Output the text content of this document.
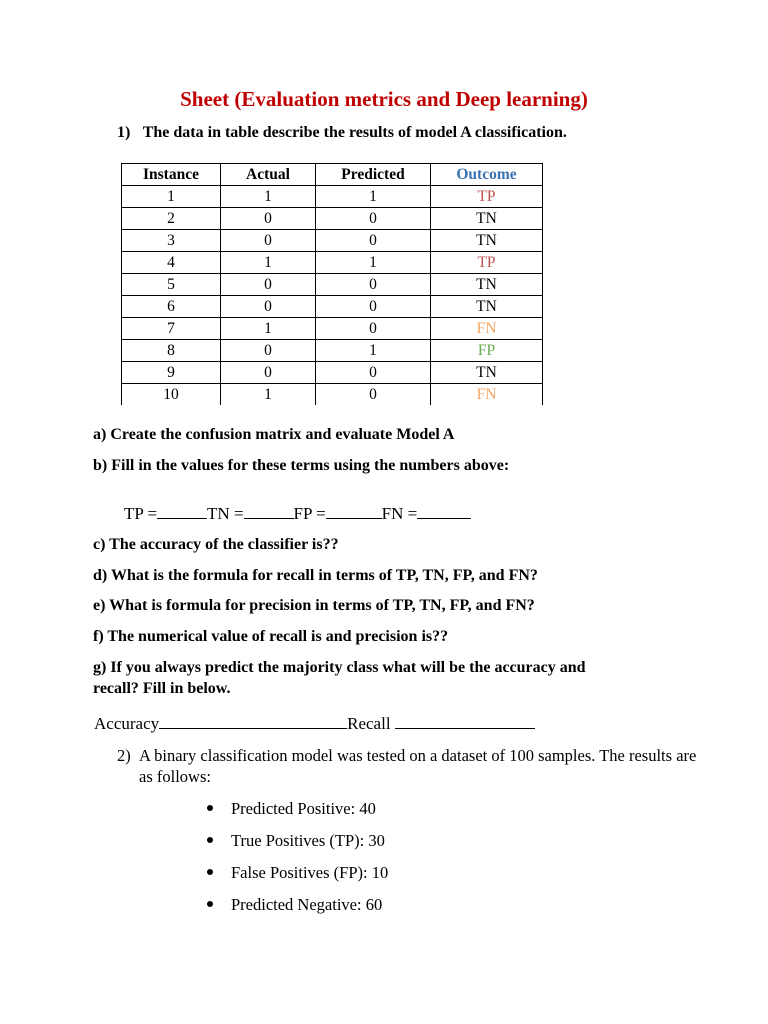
Sheet (Evaluation metrics and Deep learning)
1) The data in table describe the results of model A classification.
Instance	Actual	Predicted	Outcome
1	1	1	TP
2	0	0	TN
3	0	0	TN
4	1	1	TP
5	0	0	TN
6	0	0	TN
7	1	0	FN
8	0	1	FP
9	0	0	TN
10	1	0	FN
a) Create the confusion matrix and evaluate Model A
b) Fill in the values for these terms using the numbers above:
TP =	TN =	FP =	FN =
c) The accuracy of the classifier is??
d) What is the formula for recall in terms of TP, TN, FP, and FN?
e) What is formula for precision in terms of TP, TN, FP, and FN?
f) The numerical value of recall is and precision is??
g) If you always predict the majority class what will be the accuracy and
recall? Fill in below.
Accuracy	Recall
2) A binary classification model was tested on a dataset of 100 samples. The results are as follows:
Predicted Positive: 40
True Positives (TP): 30
False Positives (FP): 10
Predicted Negative: 60
